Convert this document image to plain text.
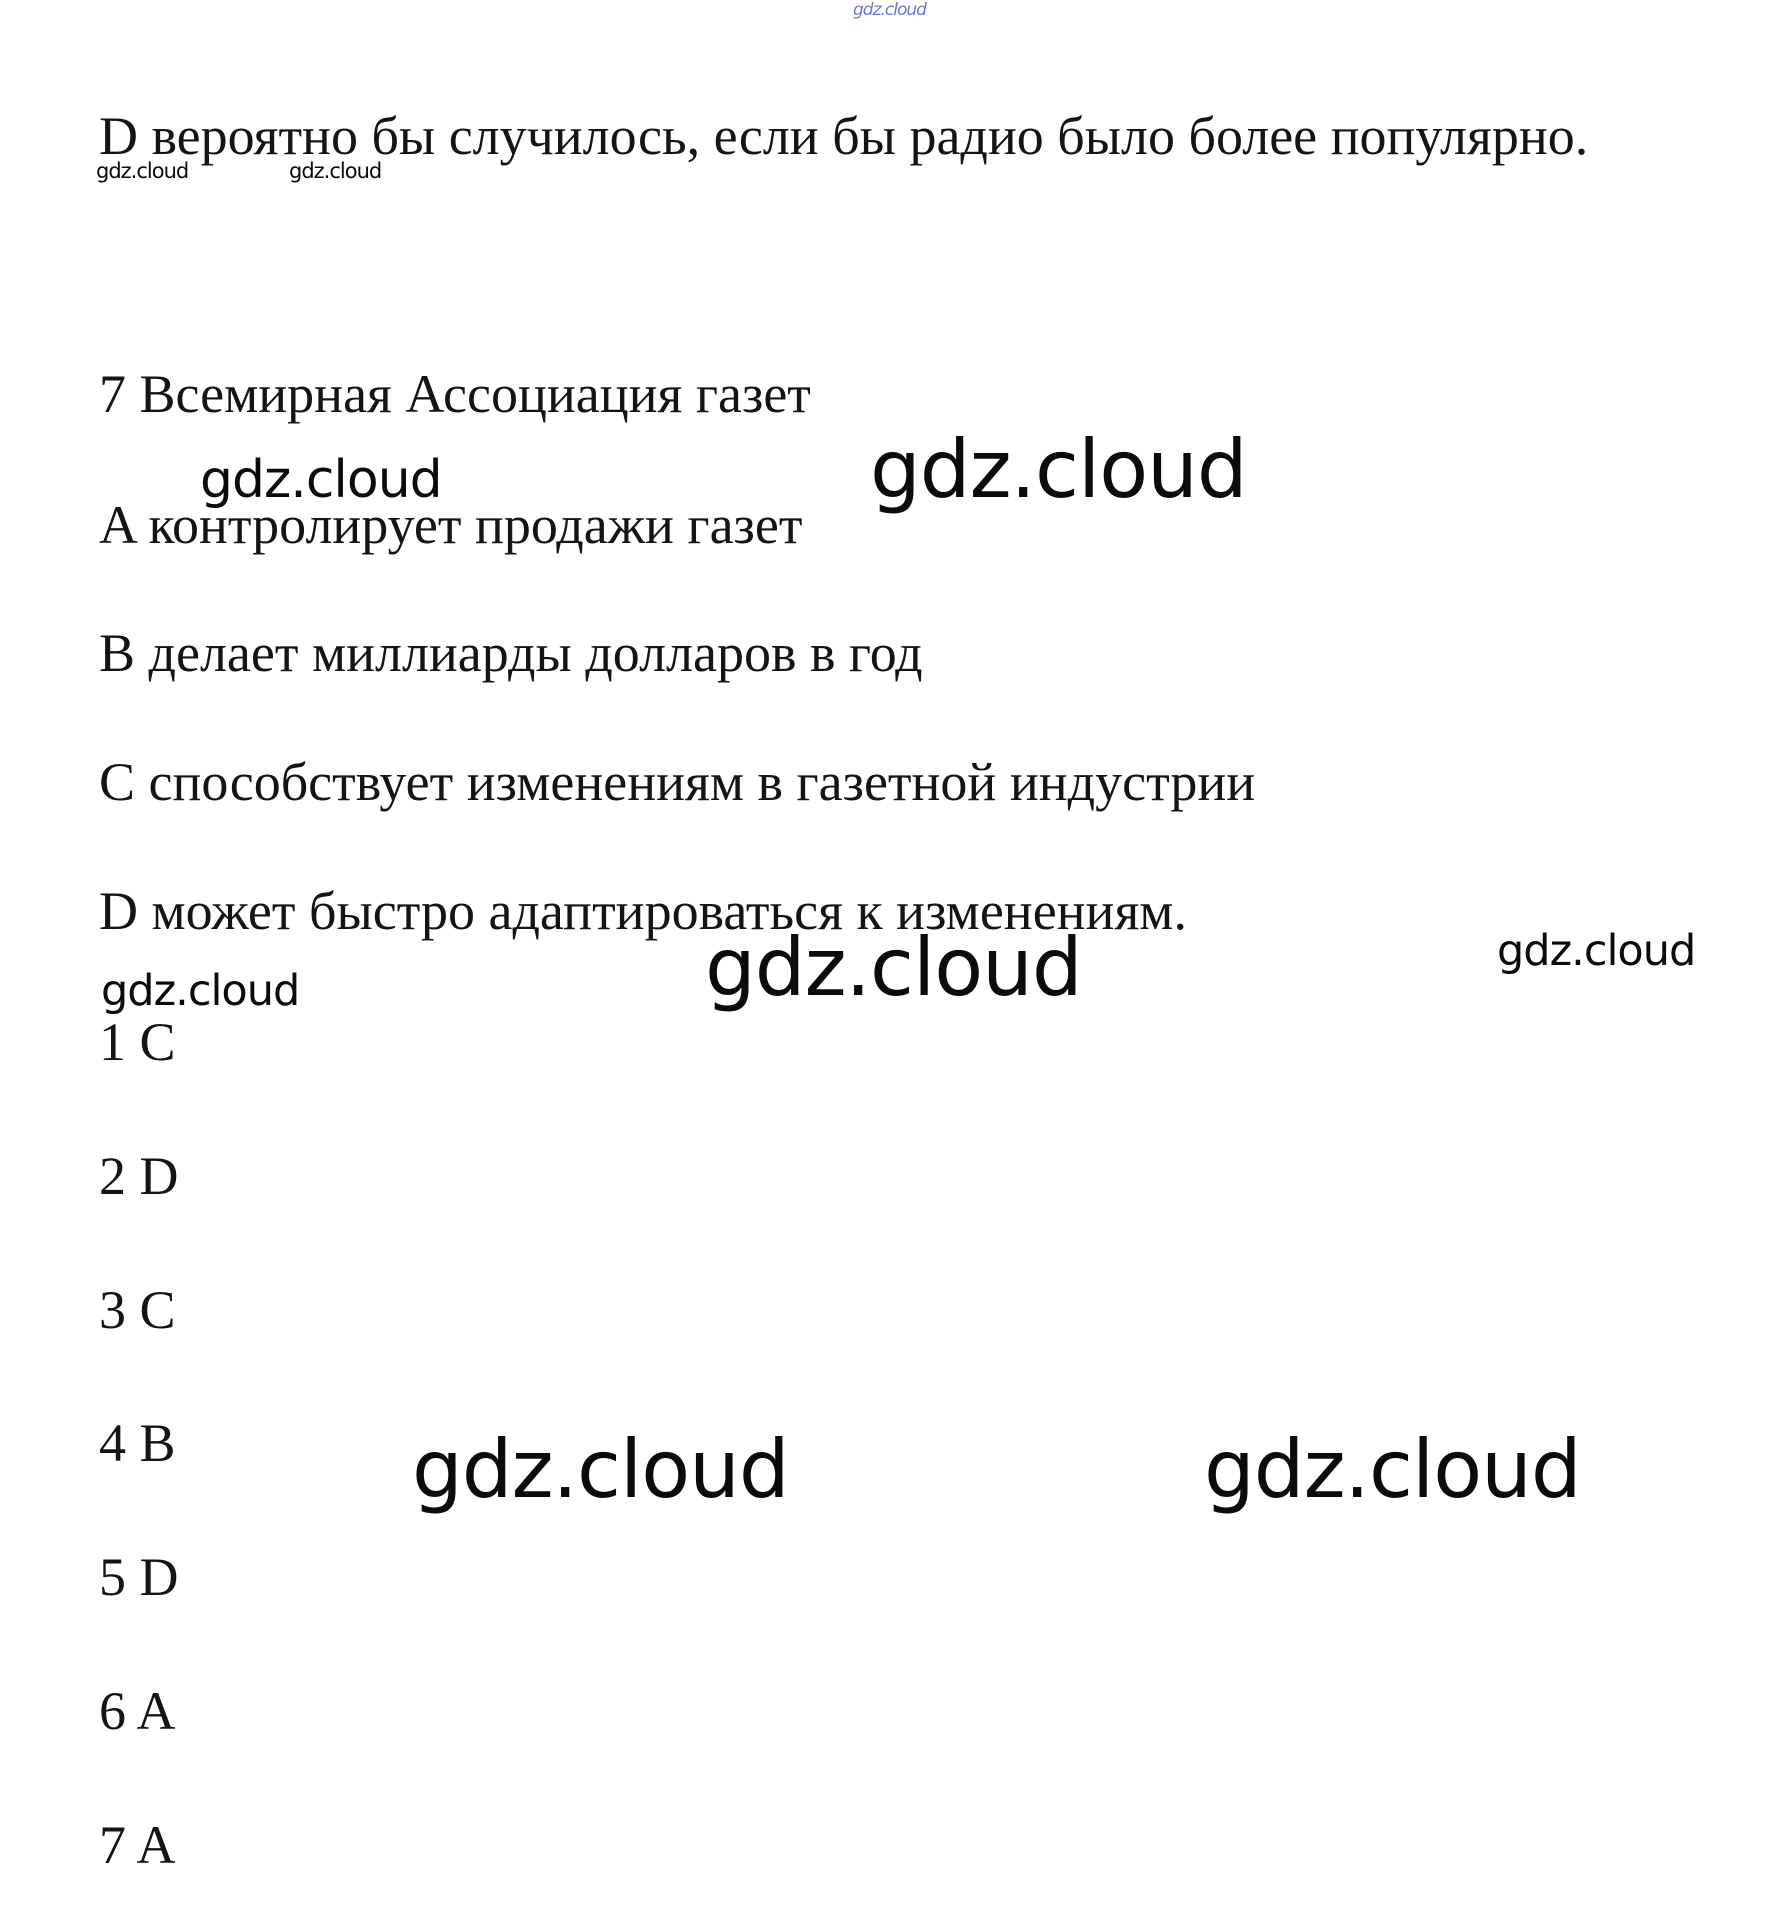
gdz.cloud
D вероятно бы случилось, если бы радио было более популярно.
gdz.cloud	gdz.cloud
7 Всемирная Ассоциация газет
gdz.cloud	gdz.cloud
A контролирует продажи газет
B делает миллиарды долларов в год
C способствует изменениям в газетной индустрии
D может быстро адаптироваться к изменениям.
gdz.cloud	gdz.cloud
gdz.cloud
1 C
2 D
3 C
4 B
5 D
6 A
7 A
gdz.cloud	gdz.cloud
